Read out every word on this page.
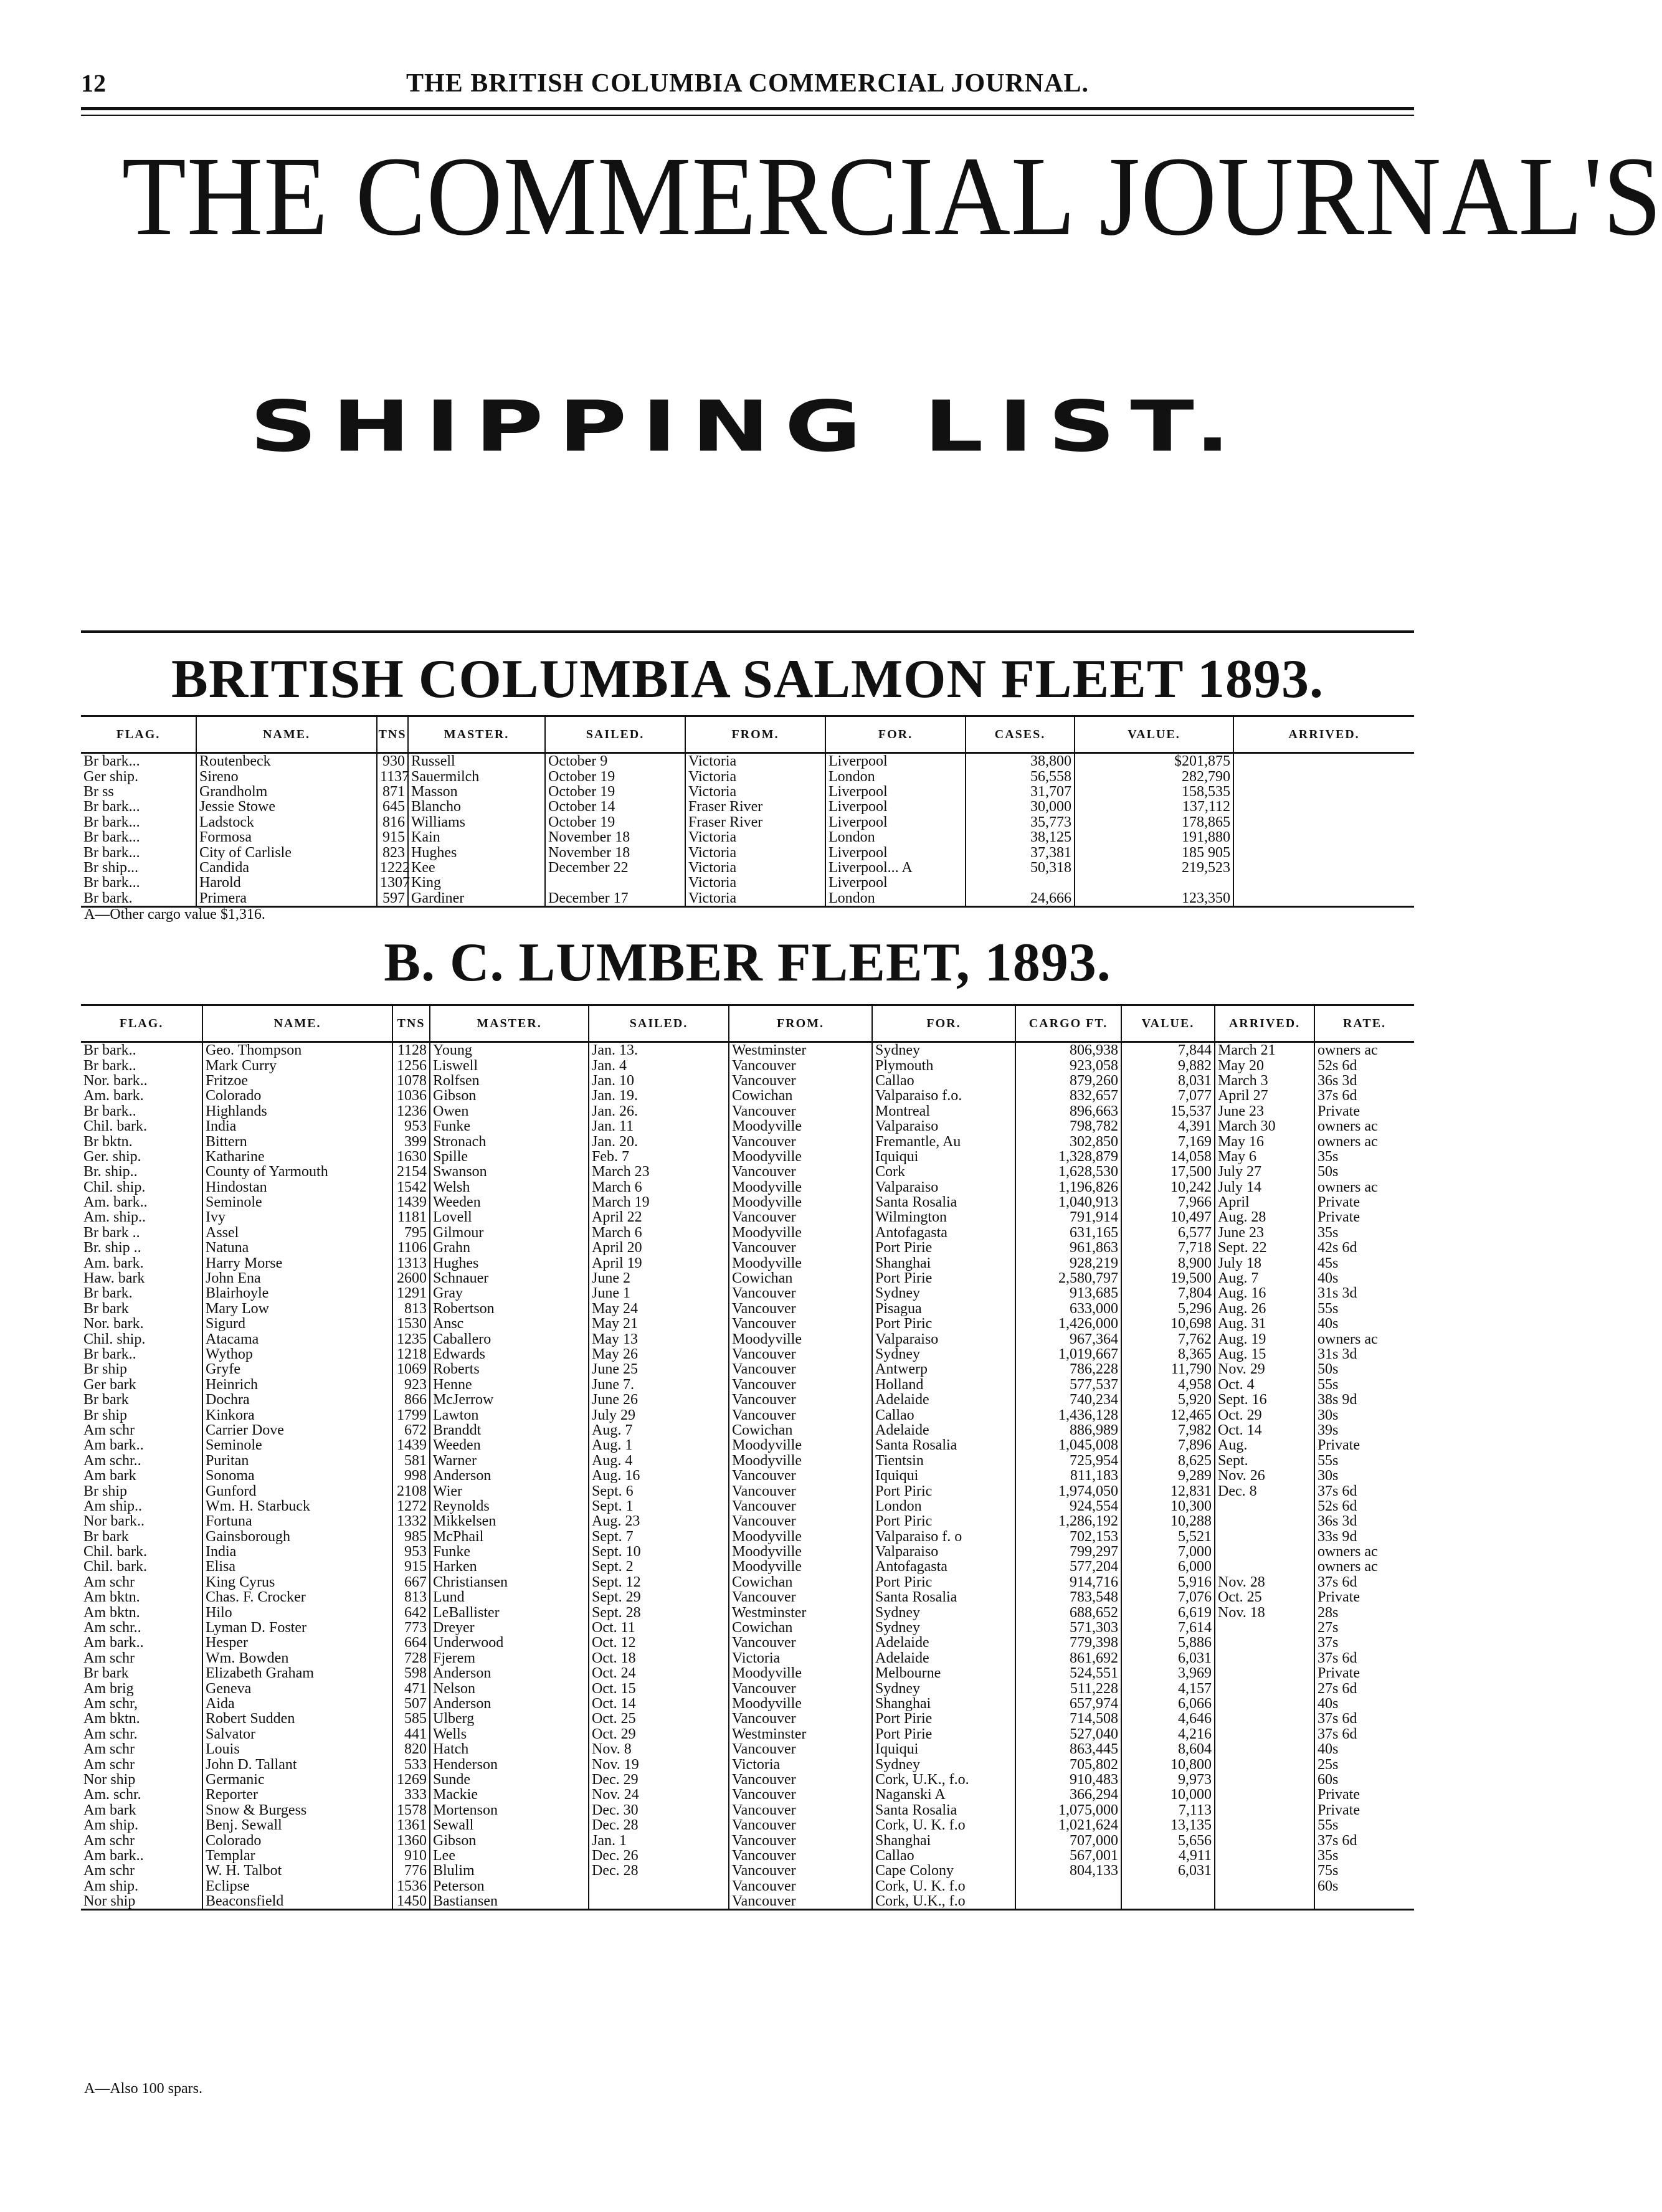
12	THE BRITISH COLUMBIA COMMERCIAL JOURNAL.
THE COMMERCIAL JOURNAL'S
SHIPPING LIST.
BRITISH COLUMBIA SALMON FLEET 1893.
FLAG.	NAME.	TNS	MASTER.	SAILED.	FROM.	FOR.	CASES.	VALUE.	ARRIVED.
Br bark...	Routenbeck	930	Russell	October 9	Victoria	Liverpool	38,800	$201,875	
Ger ship.	Sireno	1137	Sauermilch	October 19	Victoria	London	56,558	282,790	
Br ss	Grandholm	871	Masson	October 19	Victoria	Liverpool	31,707	158,535	
Br bark...	Jessie Stowe	645	Blancho	October 14	Fraser River	Liverpool	30,000	137,112	
Br bark...	Ladstock	816	Williams	October 19	Fraser River	Liverpool	35,773	178,865	
Br bark...	Formosa	915	Kain	November 18	Victoria	London	38,125	191,880	
Br bark...	City of Carlisle	823	Hughes	November 18	Victoria	Liverpool	37,381	185 905	
Br ship...	Candida	1222	Kee	December 22	Victoria	Liverpool... A	50,318	219,523	
Br bark...	Harold	1307	King		Victoria	Liverpool			
Br bark.	Primera	597	Gardiner	December 17	Victoria	London	24,666	123,350	
A—Other cargo value $1,316.
B. C. LUMBER FLEET, 1893.
FLAG.	NAME.	TNS	MASTER.	SAILED.	FROM.	FOR.	CARGO FT.	VALUE.	ARRIVED.	RATE.
Br bark..	Geo. Thompson	1128	Young	Jan. 13.	Westminster	Sydney	806,938	7,844	March 21	owners ac
Br bark..	Mark Curry	1256	Liswell	Jan. 4	Vancouver	Plymouth	923,058	9,882	May 20	52s 6d
Nor. bark..	Fritzoe	1078	Rolfsen	Jan. 10	Vancouver	Callao	879,260	8,031	March 3	36s 3d
Am. bark.	Colorado	1036	Gibson	Jan. 19.	Cowichan	Valparaiso f.o.	832,657	7,077	April 27	37s 6d
Br bark..	Highlands	1236	Owen	Jan. 26.	Vancouver	Montreal	896,663	15,537	June 23	Private
Chil. bark.	India	953	Funke	Jan. 11	Moodyville	Valparaiso	798,782	4,391	March 30	owners ac
Br bktn.	Bittern	399	Stronach	Jan. 20.	Vancouver	Fremantle, Au	302,850	7,169	May 16	owners ac
Ger. ship.	Katharine	1630	Spille	Feb. 7	Moodyville	Iquiqui	1,328,879	14,058	May 6	35s
Br. ship..	County of Yarmouth	2154	Swanson	March 23	Vancouver	Cork	1,628,530	17,500	July 27	50s
Chil. ship.	Hindostan	1542	Welsh	March 6	Moodyville	Valparaiso	1,196,826	10,242	July 14	owners ac
Am. bark..	Seminole	1439	Weeden	March 19	Moodyville	Santa Rosalia	1,040,913	7,966	April	Private
Am. ship..	Ivy	1181	Lovell	April 22	Vancouver	Wilmington	791,914	10,497	Aug. 28	Private
Br bark ..	Assel	795	Gilmour	March 6	Moodyville	Antofagasta	631,165	6,577	June 23	35s
Br. ship ..	Natuna	1106	Grahn	April 20	Vancouver	Port Pirie	961,863	7,718	Sept. 22	42s 6d
Am. bark.	Harry Morse	1313	Hughes	April 19	Moodyville	Shanghai	928,219	8,900	July 18	45s
Haw. bark	John Ena	2600	Schnauer	June 2	Cowichan	Port Pirie	2,580,797	19,500	Aug. 7	40s
Br bark.	Blairhoyle	1291	Gray	June 1	Vancouver	Sydney	913,685	7,804	Aug. 16	31s 3d
Br bark	Mary Low	813	Robertson	May 24	Vancouver	Pisagua	633,000	5,296	Aug. 26	55s
Nor. bark.	Sigurd	1530	Ansc	May 21	Vancouver	Port Piric	1,426,000	10,698	Aug. 31	40s
Chil. ship.	Atacama	1235	Caballero	May 13	Moodyville	Valparaiso	967,364	7,762	Aug. 19	owners ac
Br bark..	Wythop	1218	Edwards	May 26	Vancouver	Sydney	1,019,667	8,365	Aug. 15	31s 3d
Br ship	Gryfe	1069	Roberts	June 25	Vancouver	Antwerp	786,228	11,790	Nov. 29	50s
Ger bark	Heinrich	923	Henne	June 7.	Vancouver	Holland	577,537	4,958	Oct. 4	55s
Br bark	Dochra	866	McJerrow	June 26	Vancouver	Adelaide	740,234	5,920	Sept. 16	38s 9d
Br ship	Kinkora	1799	Lawton	July 29	Vancouver	Callao	1,436,128	12,465	Oct. 29	30s
Am schr	Carrier Dove	672	Branddt	Aug. 7	Cowichan	Adelaide	886,989	7,982	Oct. 14	39s
Am bark..	Seminole	1439	Weeden	Aug. 1	Moodyville	Santa Rosalia	1,045,008	7,896	Aug.	Private
Am schr..	Puritan	581	Warner	Aug. 4	Moodyville	Tientsin	725,954	8,625	Sept.	55s
Am bark	Sonoma	998	Anderson	Aug. 16	Vancouver	Iquiqui	811,183	9,289	Nov. 26	30s
Br ship	Gunford	2108	Wier	Sept. 6	Vancouver	Port Piric	1,974,050	12,831	Dec. 8	37s 6d
Am ship..	Wm. H. Starbuck	1272	Reynolds	Sept. 1	Vancouver	London	924,554	10,300		52s 6d
Nor bark..	Fortuna	1332	Mikkelsen	Aug. 23	Vancouver	Port Piric	1,286,192	10,288		36s 3d
Br bark	Gainsborough	985	McPhail	Sept. 7	Moodyville	Valparaiso f. o	702,153	5,521		33s 9d
Chil. bark.	India	953	Funke	Sept. 10	Moodyville	Valparaiso	799,297	7,000		owners ac
Chil. bark.	Elisa	915	Harken	Sept. 2	Moodyville	Antofagasta	577,204	6,000		owners ac
Am schr	King Cyrus	667	Christiansen	Sept. 12	Cowichan	Port Piric	914,716	5,916	Nov. 28	37s 6d
Am bktn.	Chas. F. Crocker	813	Lund	Sept. 29	Vancouver	Santa Rosalia	783,548	7,076	Oct. 25	Private
Am bktn.	Hilo	642	LeBallister	Sept. 28	Westminster	Sydney	688,652	6,619	Nov. 18	28s
Am schr..	Lyman D. Foster	773	Dreyer	Oct. 11	Cowichan	Sydney	571,303	7,614		27s
Am bark..	Hesper	664	Underwood	Oct. 12	Vancouver	Adelaide	779,398	5,886		37s
Am schr	Wm. Bowden	728	Fjerem	Oct. 18	Victoria	Adelaide	861,692	6,031		37s 6d
Br bark	Elizabeth Graham	598	Anderson	Oct. 24	Moodyville	Melbourne	524,551	3,969		Private
Am brig	Geneva	471	Nelson	Oct. 15	Vancouver	Sydney	511,228	4,157		27s 6d
Am schr,	Aida	507	Anderson	Oct. 14	Moodyville	Shanghai	657,974	6,066		40s
Am bktn.	Robert Sudden	585	Ulberg	Oct. 25	Vancouver	Port Pirie	714,508	4,646		37s 6d
Am schr.	Salvator	441	Wells	Oct. 29	Westminster	Port Pirie	527,040	4,216		37s 6d
Am schr	Louis	820	Hatch	Nov. 8	Vancouver	Iquiqui	863,445	8,604		40s
Am schr	John D. Tallant	533	Henderson	Nov. 19	Victoria	Sydney	705,802	10,800		25s
Nor ship	Germanic	1269	Sunde	Dec. 29	Vancouver	Cork, U.K., f.o.	910,483	9,973		60s
Am. schr.	Reporter	333	Mackie	Nov. 24	Vancouver	Naganski A	366,294	10,000		Private
Am bark	Snow & Burgess	1578	Mortenson	Dec. 30	Vancouver	Santa Rosalia	1,075,000	7,113		Private
Am ship.	Benj. Sewall	1361	Sewall	Dec. 28	Vancouver	Cork, U. K. f.o	1,021,624	13,135		55s
Am schr	Colorado	1360	Gibson	Jan. 1	Vancouver	Shanghai	707,000	5,656		37s 6d
Am bark..	Templar	910	Lee	Dec. 26	Vancouver	Callao	567,001	4,911		35s
Am schr	W. H. Talbot	776	Blulim	Dec. 28	Vancouver	Cape Colony	804,133	6,031		75s
Am ship.	Eclipse	1536	Peterson		Vancouver	Cork, U. K. f.o				60s
Nor ship	Beaconsfield	1450	Bastiansen		Vancouver	Cork, U.K., f.o				
A—Also 100 spars.
